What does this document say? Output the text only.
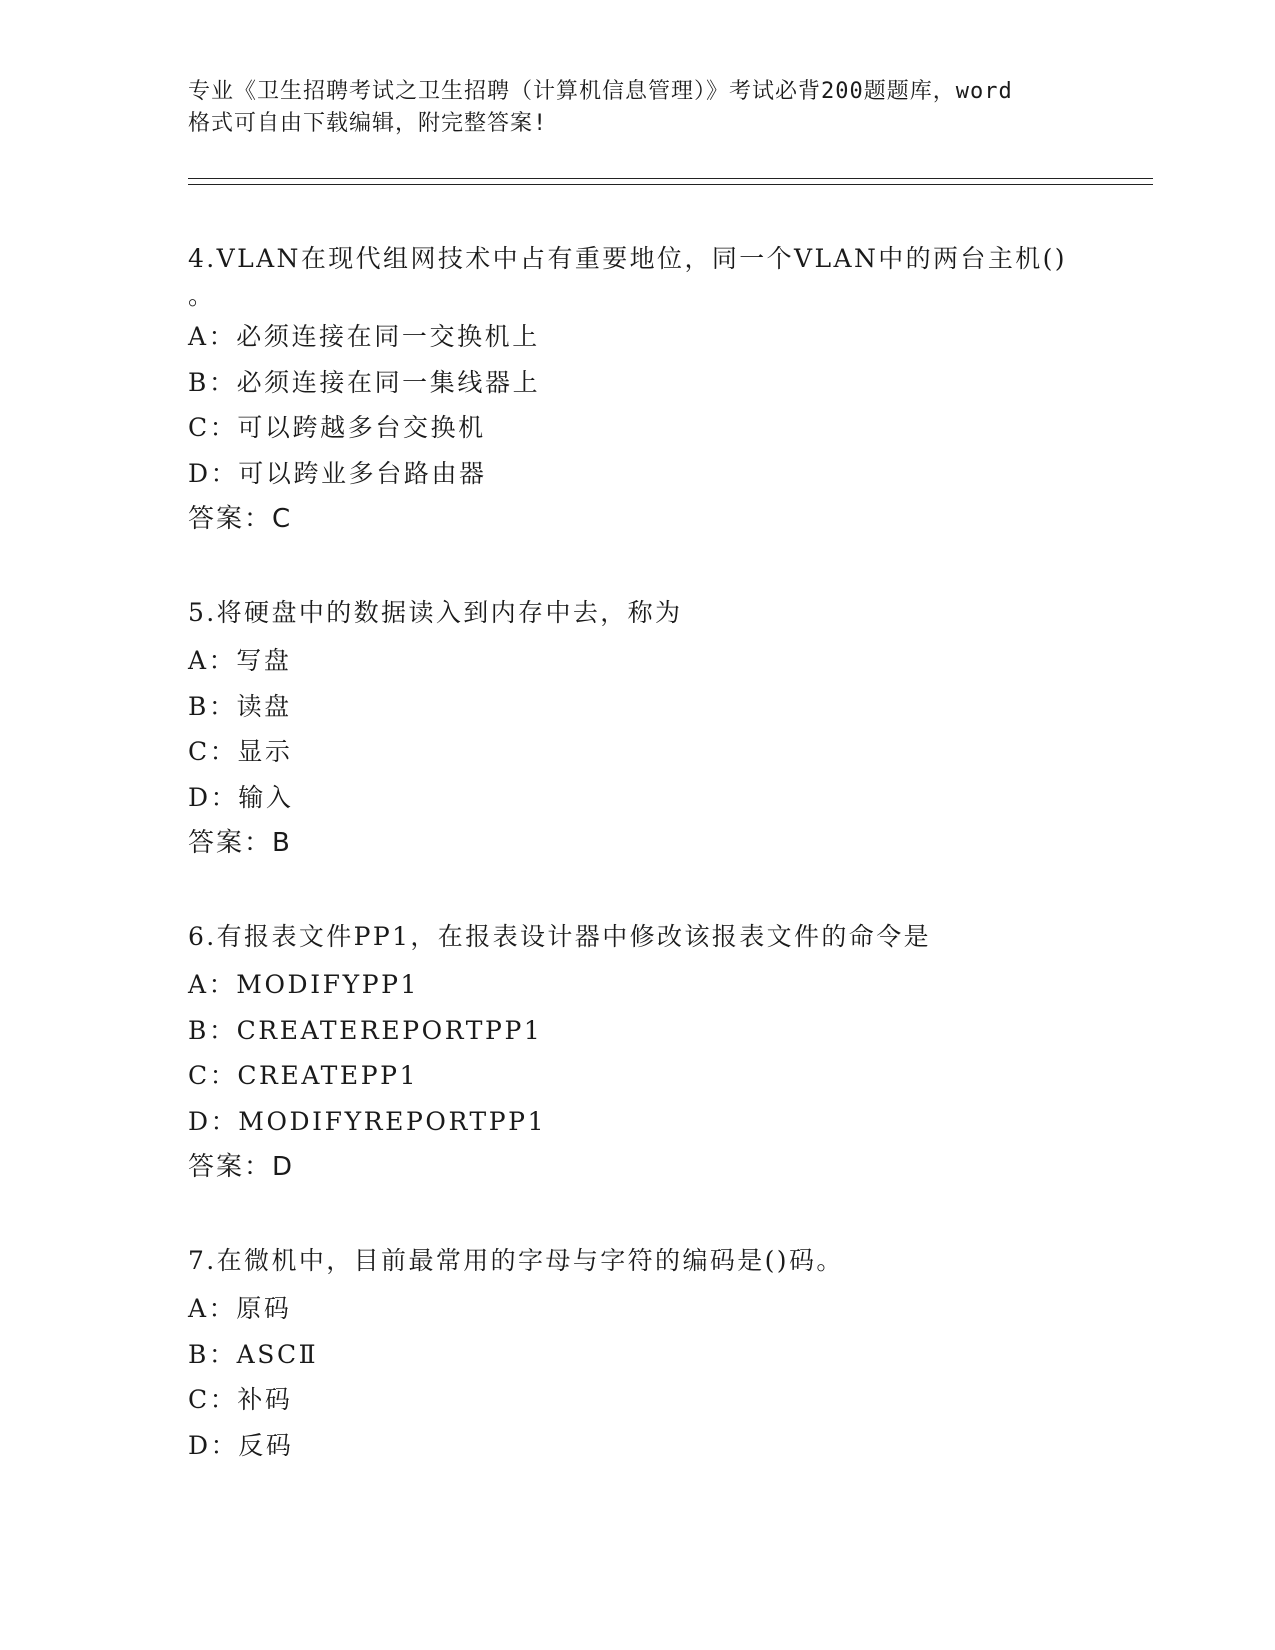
专业《卫生招聘考试之卫生招聘（计算机信息管理）》考试必背200题题库，word
格式可自由下载编辑，附完整答案!
4.VLAN在现代组网技术中占有重要地位，同一个VLAN中的两台主机()
。
A：必须连接在同一交换机上
B：必须连接在同一集线器上
C：可以跨越多台交换机
D：可以跨业多台路由器
答案：C
5.将硬盘中的数据读入到内存中去，称为
A：写盘
B：读盘
C：显示
D：输入
答案：B
6.有报表文件PP1，在报表设计器中修改该报表文件的命令是
A：MODIFYPP1
B：CREATEREPORTPP1
C：CREATEPP1
D：MODIFYREPORTPP1
答案：D
7.在微机中，目前最常用的字母与字符的编码是()码。
A：原码
B：ASCⅡ
C：补码
D：反码
